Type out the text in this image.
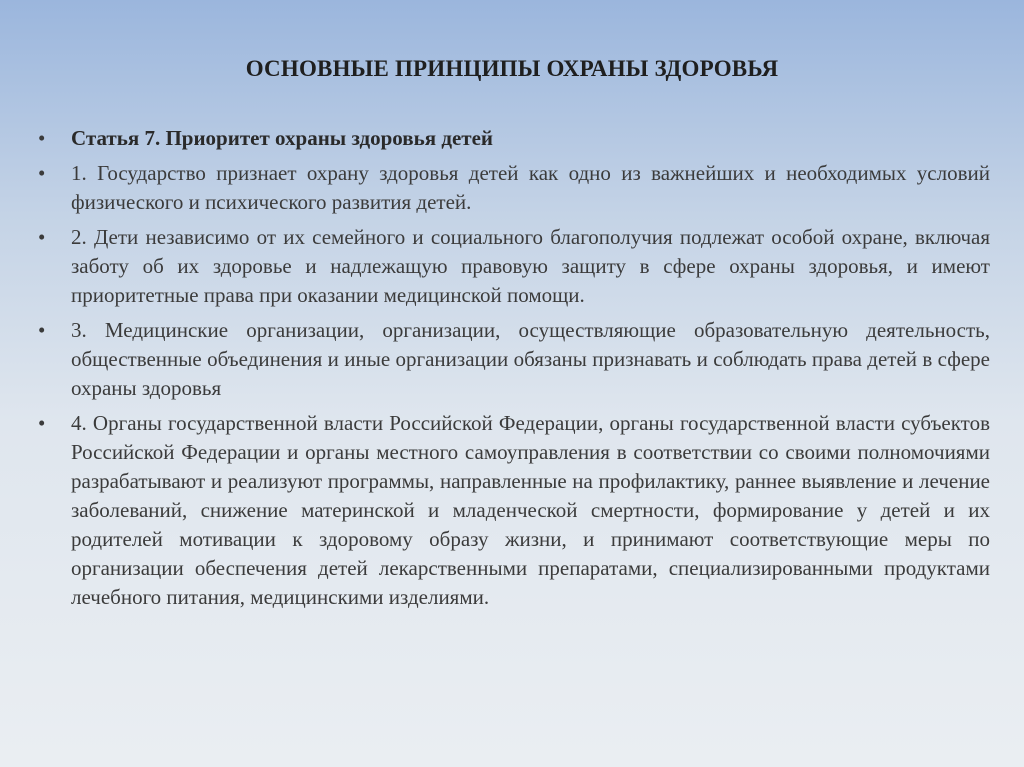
ОСНОВНЫЕ ПРИНЦИПЫ ОХРАНЫ ЗДОРОВЬЯ
•	Статья 7. Приоритет охраны здоровья детей
•	1. Государство признает охрану здоровья детей как одно из важнейших и необходимых условий физического и психического развития детей.
•	2. Дети независимо от их семейного и социального благополучия подлежат особой охране, включая заботу об их здоровье и надлежащую правовую защиту в сфере охраны здоровья, и имеют приоритетные права при оказании медицинской помощи.
•	3. Медицинские организации, организации, осуществляющие образовательную деятельность, общественные объединения и иные организации обязаны признавать и соблюдать права детей в сфере охраны здоровья
•	4. Органы государственной власти Российской Федерации, органы государственной власти субъектов Российской Федерации и органы местного самоуправления в соответствии со своими полномочиями разрабатывают и реализуют программы, направленные на профилактику, раннее выявление и лечение заболеваний, снижение материнской и младенческой смертности, формирование у детей и их родителей мотивации к здоровому образу жизни, и принимают соответствующие меры по организации обеспечения детей лекарственными препаратами, специализированными продуктами лечебного питания, медицинскими изделиями.
